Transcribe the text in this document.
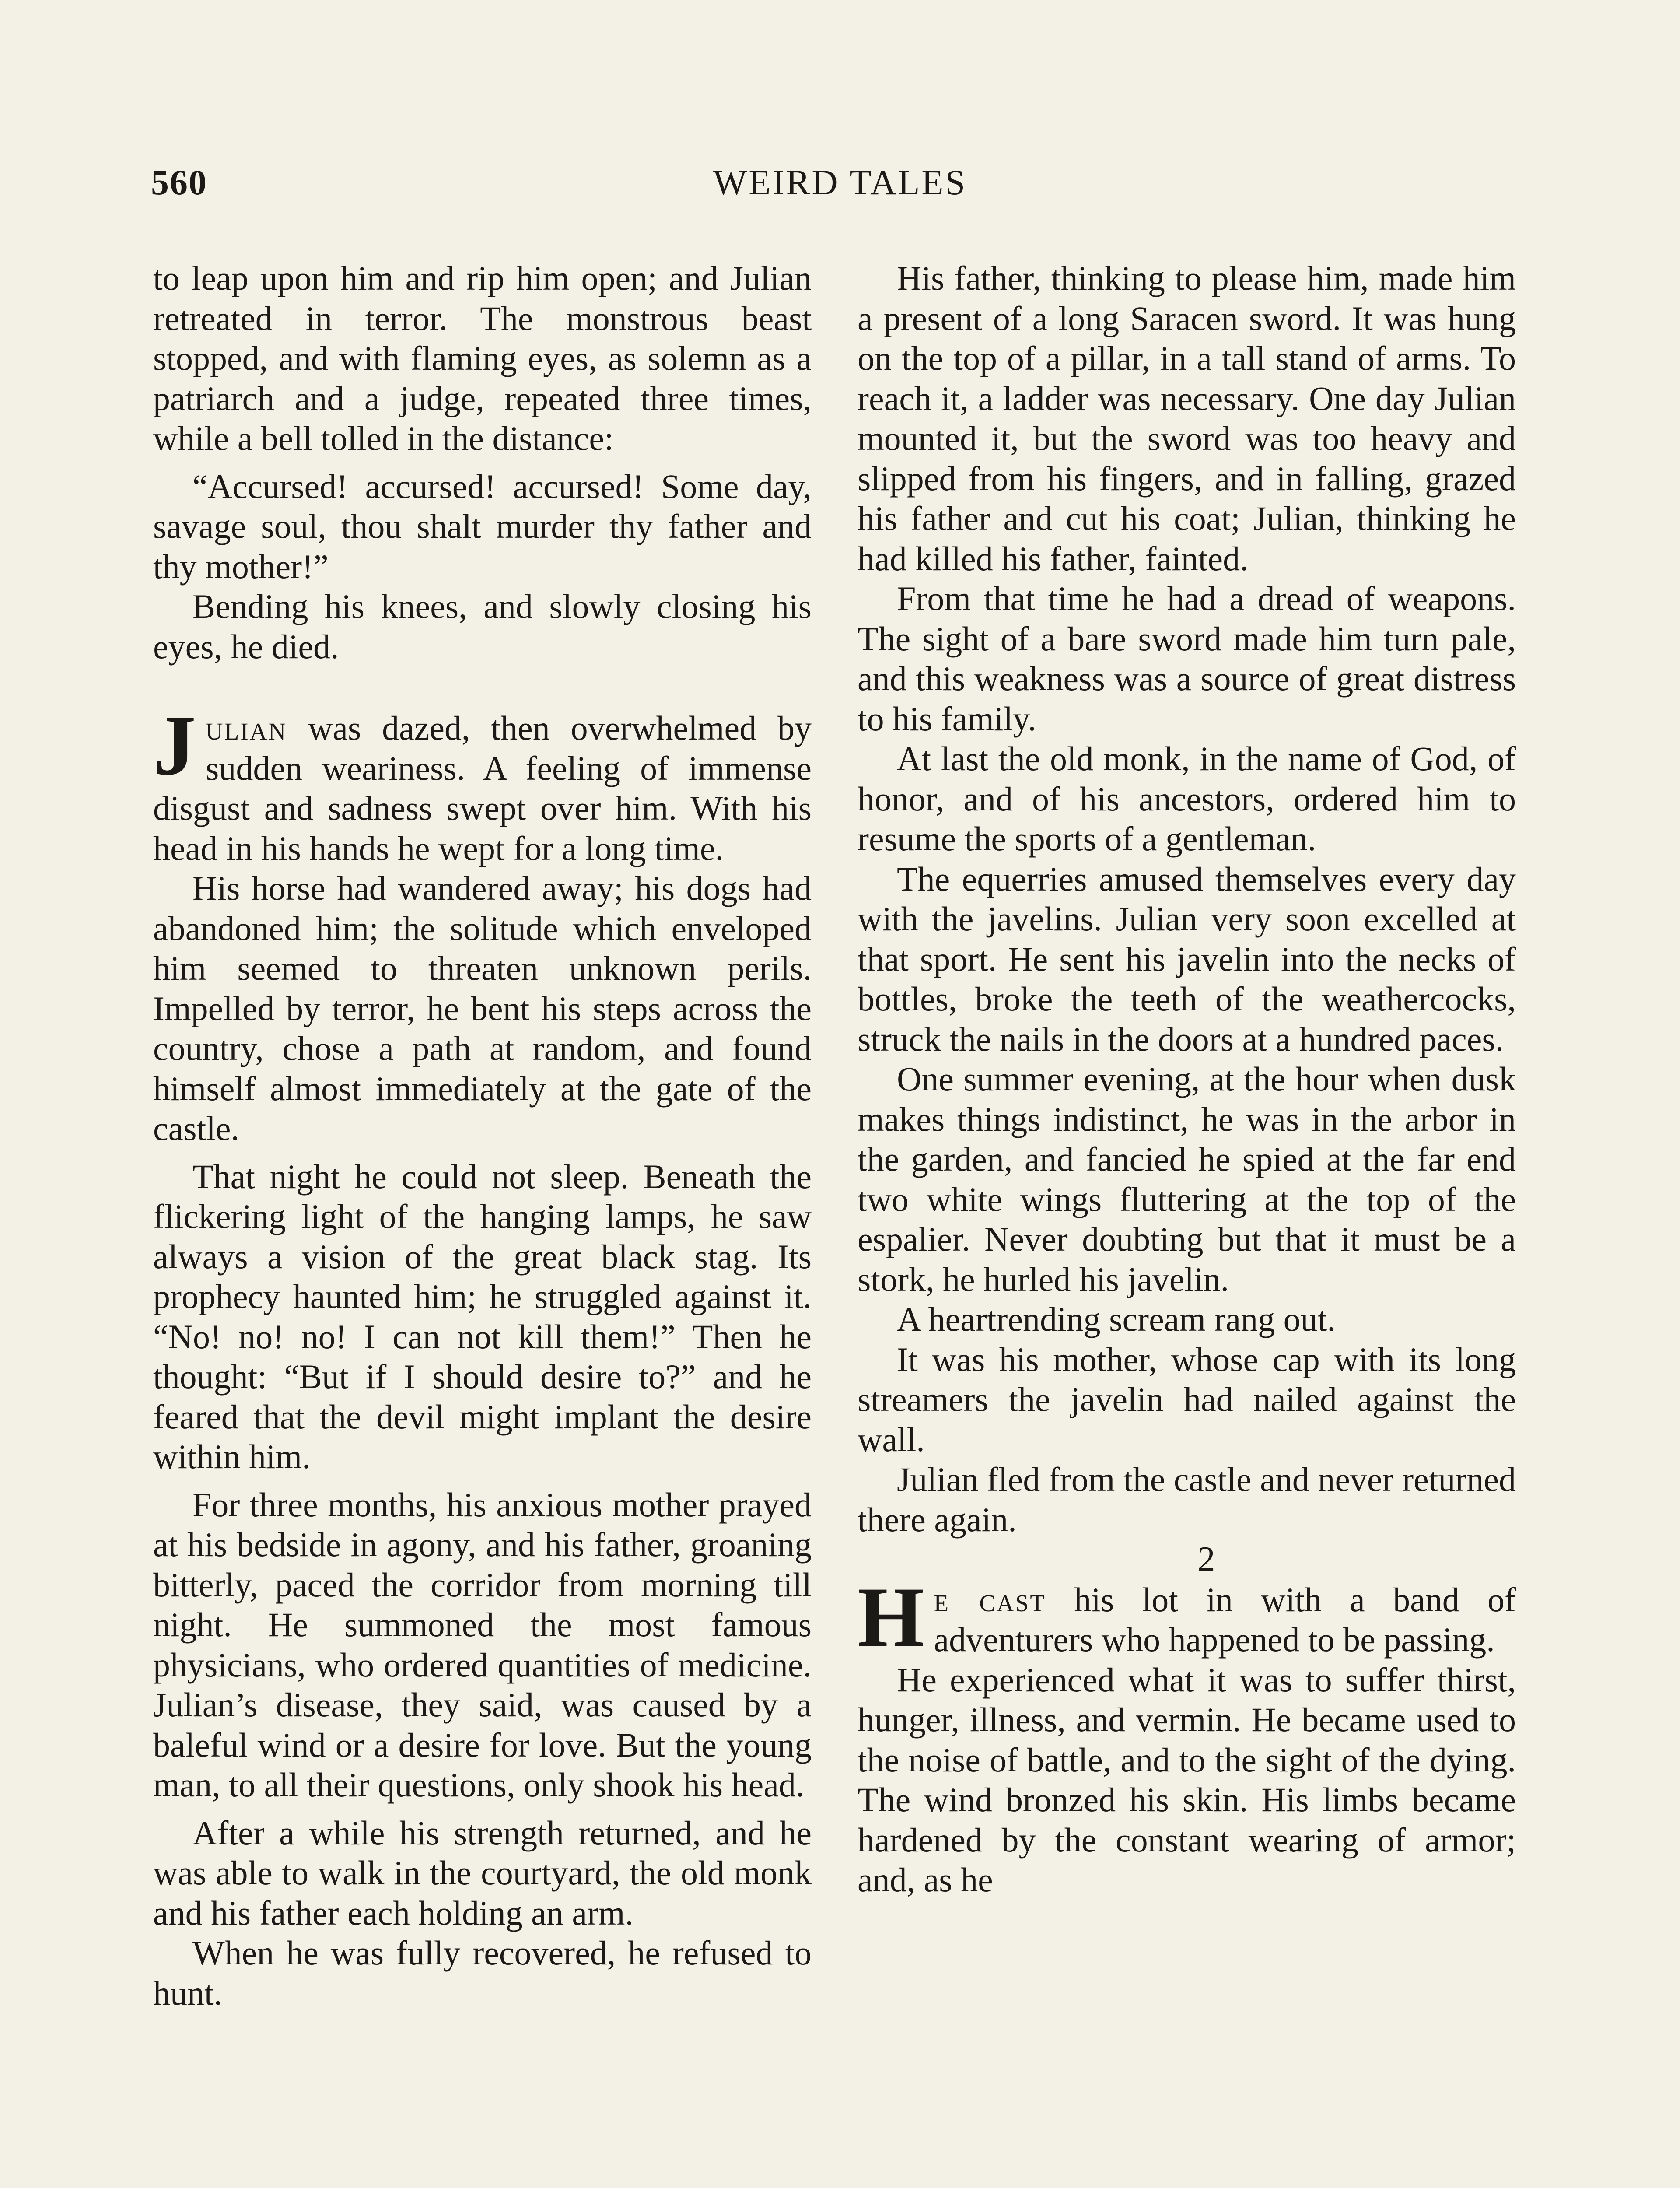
WEIRD TALES
560

to leap upon him and rip him open; and Julian retreated in terror. The monstrous beast stopped, and with flaming eyes, as solemn as a patriarch and a judge, repeated three times, while a bell tolled in the distance:

“Accursed! accursed! accursed! Some day, savage soul, thou shalt murder thy father and thy mother!”

Bending his knees, and slowly closing his eyes, he died.

Julian was dazed, then overwhelmed by sudden weariness. A feeling of immense disgust and sadness swept over him. With his head in his hands he wept for a long time.

His horse had wandered away; his dogs had abandoned him; the solitude which enveloped him seemed to threaten unknown perils. Impelled by terror, he bent his steps across the country, chose a path at random, and found himself almost immediately at the gate of the castle.

That night he could not sleep. Beneath the flickering light of the hanging lamps, he saw always a vision of the great black stag. Its prophecy haunted him; he struggled against it. “No! no! no! I can not kill them!” Then he thought: “But if I should desire to?” and he feared that the devil might implant the desire within him.

For three months, his anxious mother prayed at his bedside in agony, and his father, groaning bitterly, paced the corridor from morning till night. He summoned the most famous physicians, who ordered quantities of medicine. Julian’s disease, they said, was caused by a baleful wind or a desire for love. But the young man, to all their questions, only shook his head.

After a while his strength returned, and he was able to walk in the courtyard, the old monk and his father each holding an arm.

When he was fully recovered, he refused to hunt.

His father, thinking to please him, made him a present of a long Saracen sword. It was hung on the top of a pillar, in a tall stand of arms. To reach it, a ladder was necessary. One day Julian mounted it, but the sword was too heavy and slipped from his fingers, and in falling, grazed his father and cut his coat; Julian, thinking he had killed his father, fainted.

From that time he had a dread of weapons. The sight of a bare sword made him turn pale, and this weakness was a source of great distress to his family.

At last the old monk, in the name of God, of honor, and of his ancestors, ordered him to resume the sports of a gentleman.

The equerries amused themselves every day with the javelins. Julian very soon excelled at that sport. He sent his javelin into the necks of bottles, broke the teeth of the weathercocks, struck the nails in the doors at a hundred paces.

One summer evening, at the hour when dusk makes things indistinct, he was in the arbor in the garden, and fancied he spied at the far end two white wings fluttering at the top of the espalier. Never doubting but that it must be a stork, he hurled his javelin.

A heartrending scream rang out.

It was his mother, whose cap with its long streamers the javelin had nailed against the wall.

Julian fled from the castle and never returned there again.

2

He cast his lot in with a band of adventurers who happened to be passing.

He experienced what it was to suffer thirst, hunger, illness, and vermin. He became used to the noise of battle, and to the sight of the dying. The wind bronzed his skin. His limbs became hardened by the constant wearing of armor; and, as he
